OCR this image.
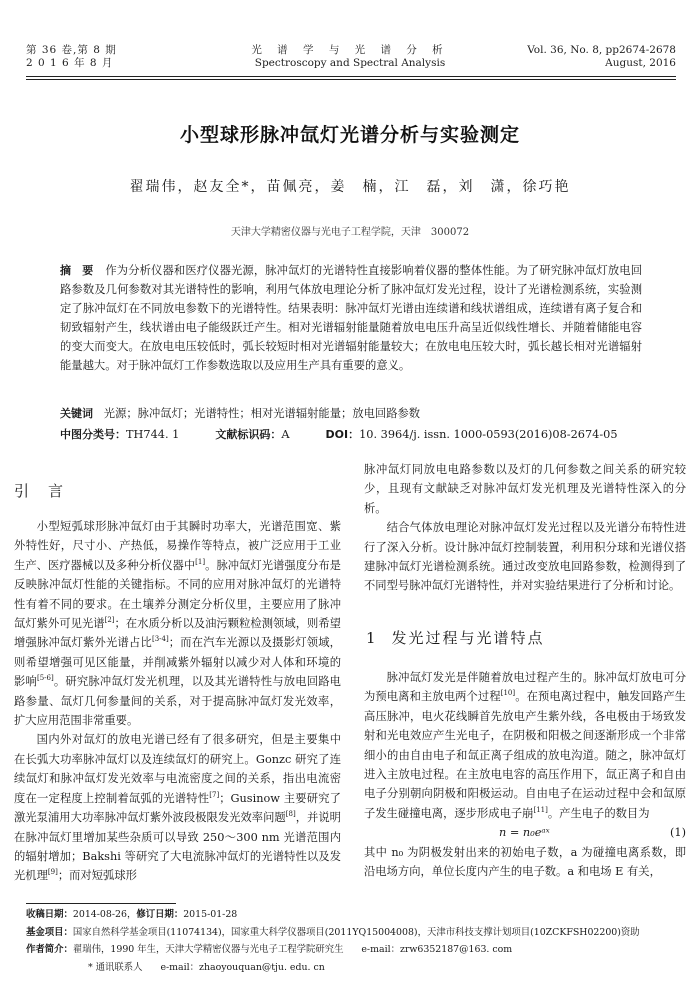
第 36 卷,第 8 期
2 0 1 6 年 8 月
光 谱 学 与 光 谱 分 析
Spectroscopy and Spectral Analysis
Vol. 36, No. 8, pp2674-2678
August, 2016
小型球形脉冲氙灯光谱分析与实验测定
翟瑞伟，赵友全*，苗佩亮，姜　楠，江　磊，刘　潇，徐巧艳
天津大学精密仪器与光电子工程学院，天津　300072
摘　要 作为分析仪器和医疗仪器光源，脉冲氙灯的光谱特性直接影响着仪器的整体性能。为了研究脉冲氙灯放电回路参数及几何参数对其光谱特性的影响，利用气体放电理论分析了脉冲氙灯发光过程，设计了光谱检测系统，实验测定了脉冲氙灯在不同放电参数下的光谱特性。结果表明：脉冲氙灯光谱由连续谱和线状谱组成，连续谱有离子复合和韧致辐射产生，线状谱由电子能级跃迁产生。相对光谱辐射能量随着放电电压升高呈近似线性增长、并随着储能电容的变大而变大。在放电电压较低时，弧长较短时相对光谱辐射能量较大；在放电电压较大时，弧长越长相对光谱辐射能量越大。对于脉冲氙灯工作参数选取以及应用生产具有重要的意义。
关键词 光源；脉冲氙灯；光谱特性；相对光谱辐射能量；放电回路参数
中图分类号：TH744. 1	文献标识码：A	DOI：10. 3964/j. issn. 1000-0593(2016)08-2674-05
引　言

小型短弧球形脉冲氙灯由于其瞬时功率大，光谱范围宽、紫外特性好，尺寸小、产热低，易操作等特点，被广泛应用于工业生产、医疗器械以及多种分析仪器中[1]。脉冲氙灯光谱强度分布是反映脉冲氙灯性能的关键指标。不同的应用对脉冲氙灯的光谱特性有着不同的要求。在土壤养分测定分析仪里，主要应用了脉冲氙灯紫外可见光谱[2]；在水质分析以及油污颗粒检测领域，则希望增强脉冲氙灯紫外光谱占比[3-4]；而在汽车光源以及摄影灯领域，则希望增强可见区能量，并削减紫外辐射以减少对人体和环境的影响[5-6]。研究脉冲氙灯发光机理，以及其光谱特性与放电回路电路参量、氙灯几何参量间的关系，对于提高脉冲氙灯发光效率，扩大应用范围非常重要。

国内外对氙灯的放电光谱已经有了很多研究，但是主要集中在长弧大功率脉冲氙灯以及连续氙灯的研究上。Gonzc 研究了连续氙灯和脉冲氙灯发光效率与电流密度之间的关系，指出电流密度在一定程度上控制着氙弧的光谱特性[7]；Gusinow 主要研究了激光泵浦用大功率脉冲氙灯紫外波段极限发光效率问题[8]，并说明在脉冲氙灯里增加某些杂质可以导致 250～300 nm 光谱范围内的辐射增加；Bakshi 等研究了大电流脉冲氙灯的光谱特性以及发光机理[9]；而对短弧球形

脉冲氙灯同放电电路参数以及灯的几何参数之间关系的研究较少，且现有文献缺乏对脉冲氙灯发光机理及光谱特性深入的分析。

结合气体放电理论对脉冲氙灯发光过程以及光谱分布特性进行了深入分析。设计脉冲氙灯控制装置，利用积分球和光谱仪搭建脉冲氙灯光谱检测系统。通过改变放电回路参数，检测得到了不同型号脉冲氙灯光谱特性，并对实验结果进行了分析和讨论。

1 发光过程与光谱特点

脉冲氙灯发光是伴随着放电过程产生的。脉冲氙灯放电可分为预电离和主放电两个过程[10]。在预电离过程中，触发回路产生高压脉冲，电火花线瞬首先放电产生紫外线，各电极由于场致发射和光电效应产生光电子，在阴极和阳极之间逐渐形成一个非常细小的由自由电子和氙正离子组成的放电沟道。随之，脉冲氙灯进入主放电过程。在主放电电容的高压作用下，氙正离子和自由电子分别朝向阴极和阳极运动。自由电子在运动过程中会和氙原子发生碰撞电离，逐步形成电子崩[11]。产生电子的数目为

n = n₀eᵃˣ	(1)

其中 n₀ 为阴极发射出来的初始电子数，a 为碰撞电离系数，即沿电场方向，单位长度内产生的电子数。a 和电场 E 有关，

收稿日期：2014-08-26，修订日期：2015-01-28
基金项目：国家自然科学基金项目(11074134)，国家重大科学仪器项目(2011YQ15004008)，天津市科技支撑计划项目(10ZCKFSH02200)资助
作者简介：翟瑞伟，1990 年生，天津大学精密仪器与光电子工程学院研究生 e-mail：zrw6352187@163. com
* 通讯联系人 e-mail：zhaoyouquan@tju. edu. cn
